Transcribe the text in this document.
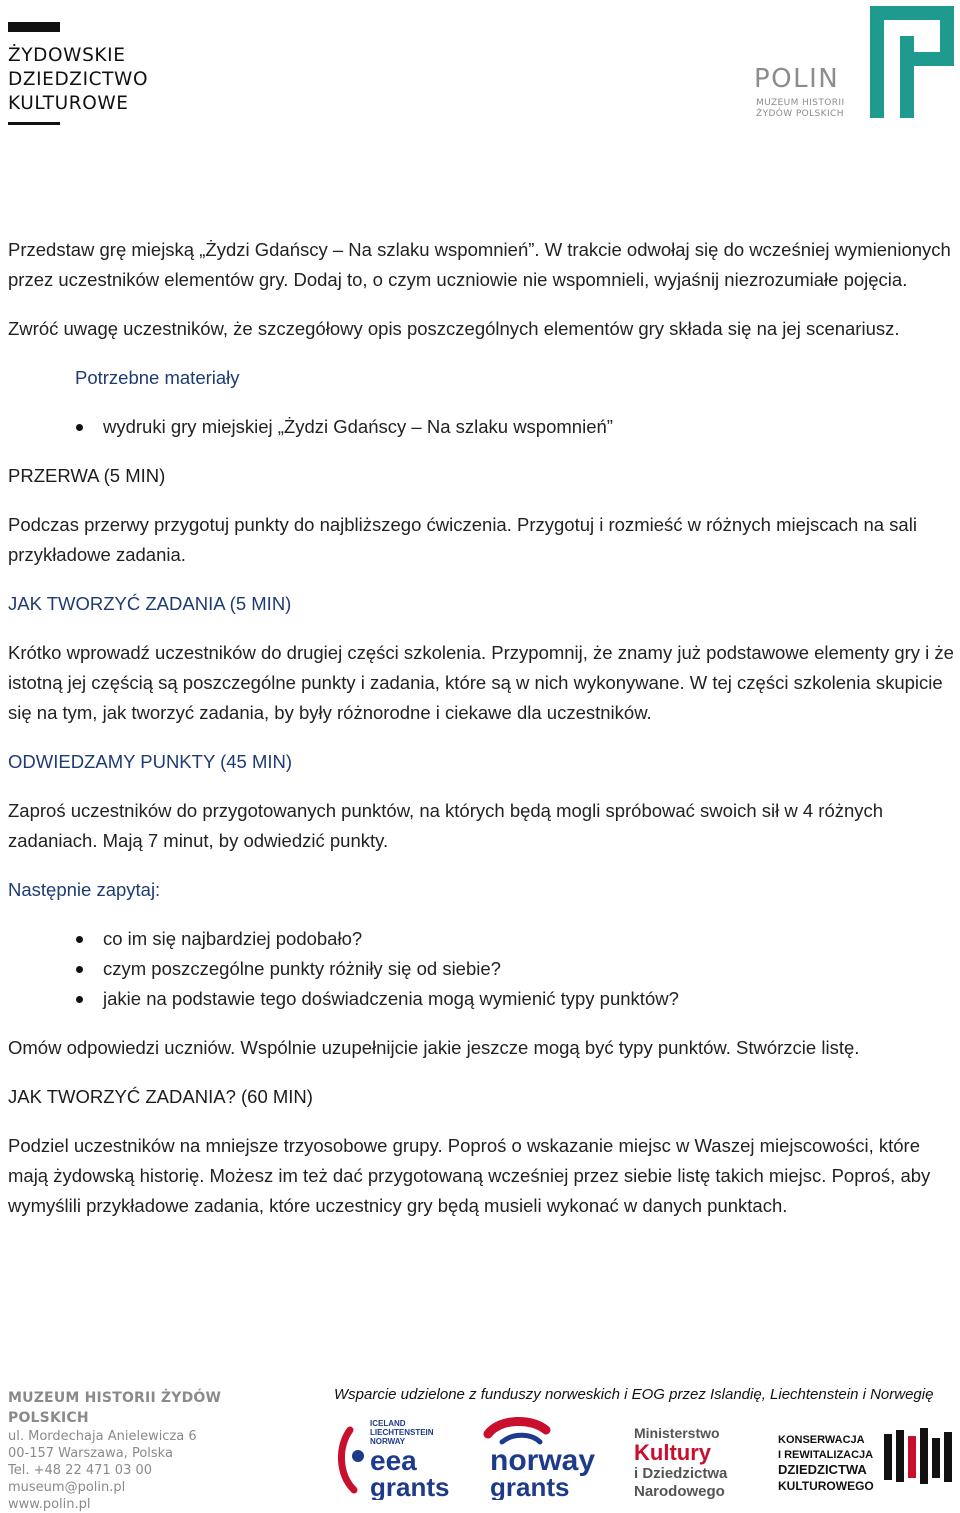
ŻYDOWSKIE
DZIEDZICTWO
KULTUROWE
POLIN
MUZEUM HISTORII
ŻYDÓW POLSKICH

Przedstaw grę miejską „Żydzi Gdańscy – Na szlaku wspomnień”. W trakcie odwołaj się do wcześniej wymienionych przez uczestników elementów gry. Dodaj to, o czym uczniowie nie wspomnieli, wyjaśnij niezrozumiałe pojęcia.

Zwróć uwagę uczestników, że szczegółowy opis poszczególnych elementów gry składa się na jej scenariusz.

Potrzebne materiały

wydruki gry miejskiej „Żydzi Gdańscy – Na szlaku wspomnień”

PRZERWA (5 MIN)

Podczas przerwy przygotuj punkty do najbliższego ćwiczenia. Przygotuj i rozmieść w różnych miejscach na sali przykładowe zadania.

JAK TWORZYĆ ZADANIA (5 MIN)

Krótko wprowadź uczestników do drugiej części szkolenia. Przypomnij, że znamy już podstawowe elementy gry i że istotną jej częścią są poszczególne punkty i zadania, które są w nich wykonywane. W tej części szkolenia skupicie się na tym, jak tworzyć zadania, by były różnorodne i ciekawe dla uczestników.

ODWIEDZAMY PUNKTY (45 MIN)

Zaproś uczestników do przygotowanych punktów, na których będą mogli spróbować swoich sił w 4 różnych zadaniach. Mają 7 minut, by odwiedzić punkty.

Następnie zapytaj:

co im się najbardziej podobało?
czym poszczególne punkty różniły się od siebie?
jakie na podstawie tego doświadczenia mogą wymienić typy punktów?

Omów odpowiedzi uczniów. Wspólnie uzupełnijcie jakie jeszcze mogą być typy punktów. Stwórzcie listę.

JAK TWORZYĆ ZADANIA? (60 MIN)

Podziel uczestników na mniejsze trzyosobowe grupy. Poproś o wskazanie miejsc w Waszej miejscowości, które mają żydowską historię. Możesz im też dać przygotowaną wcześniej przez siebie listę takich miejsc. Poproś, aby wymyślili przykładowe zadania, które uczestnicy gry będą musieli wykonać w danych punktach.

MUZEUM HISTORII ŻYDÓW POLSKICH
ul. Mordechaja Anielewicza 6
00-157 Warszawa, Polska
Tel. +48 22 471 03 00
museum@polin.pl
www.polin.pl
Wsparcie udzielone z funduszy norweskich i EOG przez Islandię, Liechtenstein i Norwegię
ICELAND
LIECHTENSTEIN
NORWAY
eea
grants
norway
grants
Ministerstwo
Kultury
i Dziedzictwa
Narodowego
KONSERWACJA
I REWITALIZACJA
DZIEDZICTWA
KULTUROWEGO
